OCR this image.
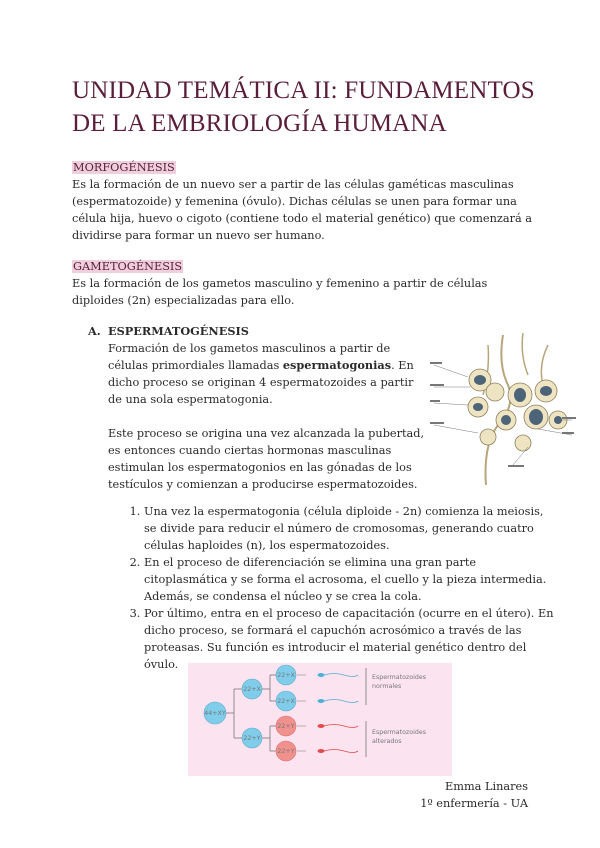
UNIDAD TEMÁTICA II: FUNDAMENTOS DE LA EMBRIOLOGÍA HUMANA

MORFOGÉNESIS

Es la formación de un nuevo ser a partir de las células gaméticas masculinas (espermatozoide) y femenina (óvulo). Dichas células se unen para formar una célula hija, huevo o cigoto (contiene todo el material genético) que comenzará a dividirse para formar un nuevo ser humano.

GAMETOGÉNESIS

Es la formación de los gametos masculino y femenino a partir de células diploides (2n) especializadas para ello.

A. ESPERMATOGÉNESIS

Formación de los gametos masculinos a partir de células primordiales llamadas espermatogonias. En dicho proceso se originan 4 espermatozoides a partir de una sola espermatogonia.

Este proceso se origina una vez alcanzada la pubertad, es entonces cuando ciertas hormonas masculinas estimulan los espermatogonios en las gónadas de los testículos y comienzan a producirse espermatozoides.

1. Una vez la espermatogonia (célula diploide - 2n) comienza la meiosis, se divide para reducir el número de cromosomas, generando cuatro células haploides (n), los espermatozoides.
2. En el proceso de diferenciación se elimina una gran parte citoplasmática y se forma el acrosoma, el cuello y la pieza intermedia. Además, se condensa el núcleo y se crea la cola.
3. Por último, entra en el proceso de capacitación (ocurre en el útero). En dicho proceso, se formará el capuchón acrosómico a través de las proteasas. Su función es introducir el material genético dentro del óvulo.
44+XY
22+X
22+Y
22+X
22+X
22+Y
22+Y
Espermatozoides normales
Espermatozoides alterados
Emma Linares
1º enfermería - UA
